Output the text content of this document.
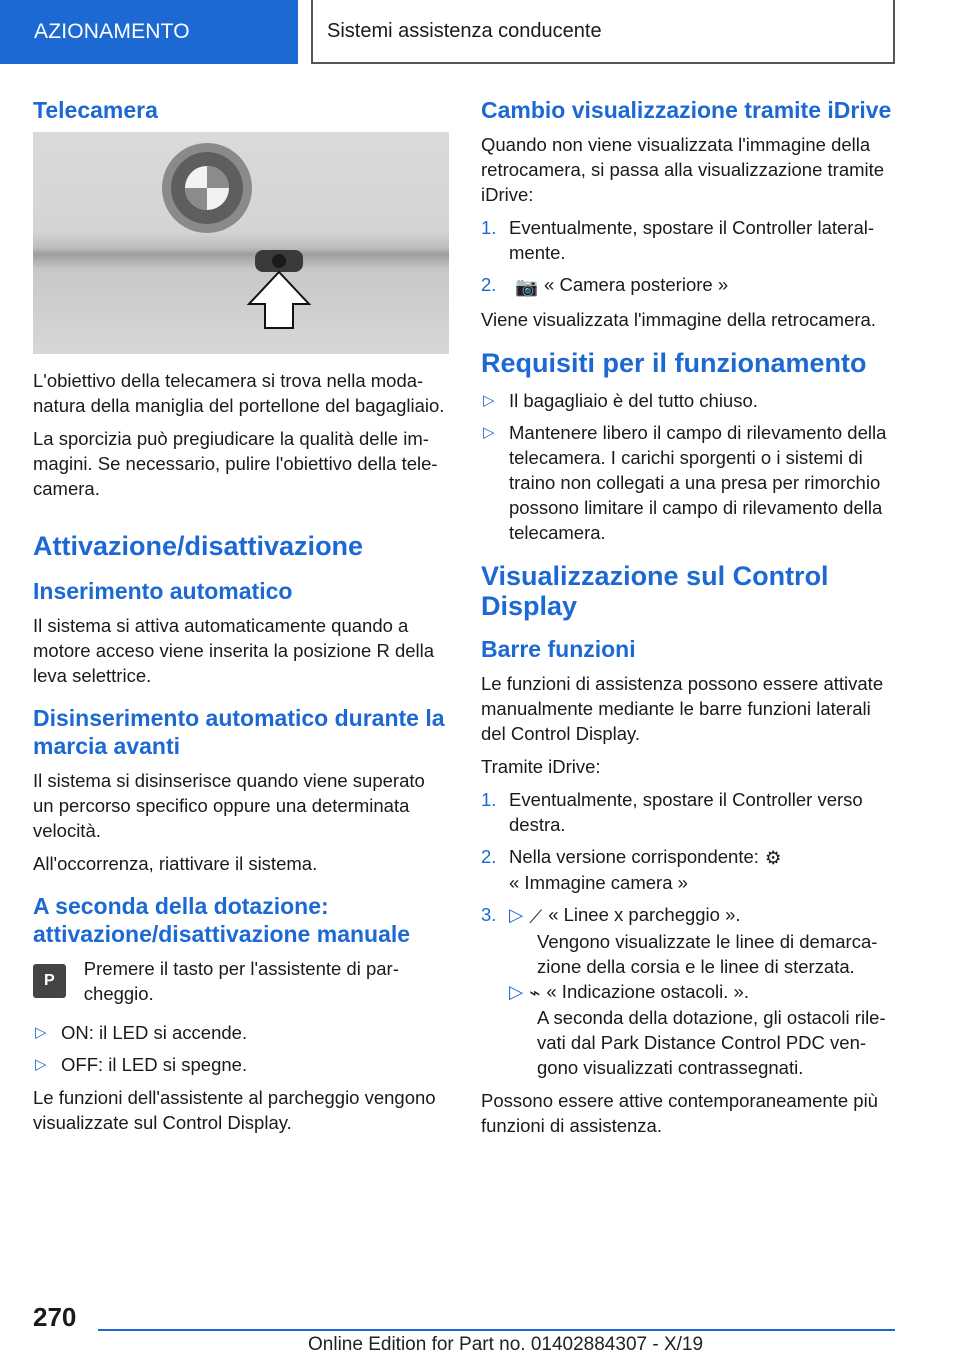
AZIONAMENTO	Sistemi assistenza conducente
Telecamera

L'obiettivo della telecamera si trova nella modanatura della maniglia del portellone del bagagliaio.

La sporcizia può pregiudicare la qualità delle immagini. Se necessario, pulire l'obiettivo della telecamera.

Attivazione/disattivazione
Inserimento automatico

Il sistema si attiva automaticamente quando a motore acceso viene inserita la posizione R della leva selettrice.

Disinserimento automatico durante la marcia avanti

Il sistema si disinserisce quando viene superato un percorso specifico oppure una determinata velocità.

All'occorrenza, riattivare il sistema.

A seconda della dotazione: attivazione/disattivazione manuale
P

Premere il tasto per l'assistente di parcheggio.

▷ ON: il LED si accende.
▷ OFF: il LED si spegne.

Le funzioni dell'assistente al parcheggio vengono visualizzate sul Control Display.

Cambio visualizzazione tramite iDrive

Quando non viene visualizzata l'immagine della retrocamera, si passa alla visualizzazione tramite iDrive:

1. Eventualmente, spostare il Controller lateralmente.
2. 📷 « Camera posteriore »

Viene visualizzata l'immagine della retrocamera.

Requisiti per il funzionamento
▷ Il bagagliaio è del tutto chiuso.
▷ Mantenere libero il campo di rilevamento della telecamera. I carichi sporgenti o i sistemi di traino non collegati a una presa per rimorchio possono limitare il campo di rilevamento della telecamera.
Visualizzazione sul Control Display
Barre funzioni

Le funzioni di assistenza possono essere attivate manualmente mediante le barre funzioni laterali del Control Display.

Tramite iDrive:

1. Eventualmente, spostare il Controller verso destra.
2. Nella versione corrispondente: ⚙
« Immagine camera »
3. ▷ ⟋ « Linee x parcheggio ».
Vengono visualizzate le linee di demarcazione della corsia e le linee di sterzata.
▷ ⌁ « Indicazione ostacoli. ».
A seconda della dotazione, gli ostacoli rilevati dal Park Distance Control PDC vengono visualizzati contrassegnati.

Possono essere attive contemporaneamente più funzioni di assistenza.

270
Online Edition for Part no. 01402884307 - X/19
